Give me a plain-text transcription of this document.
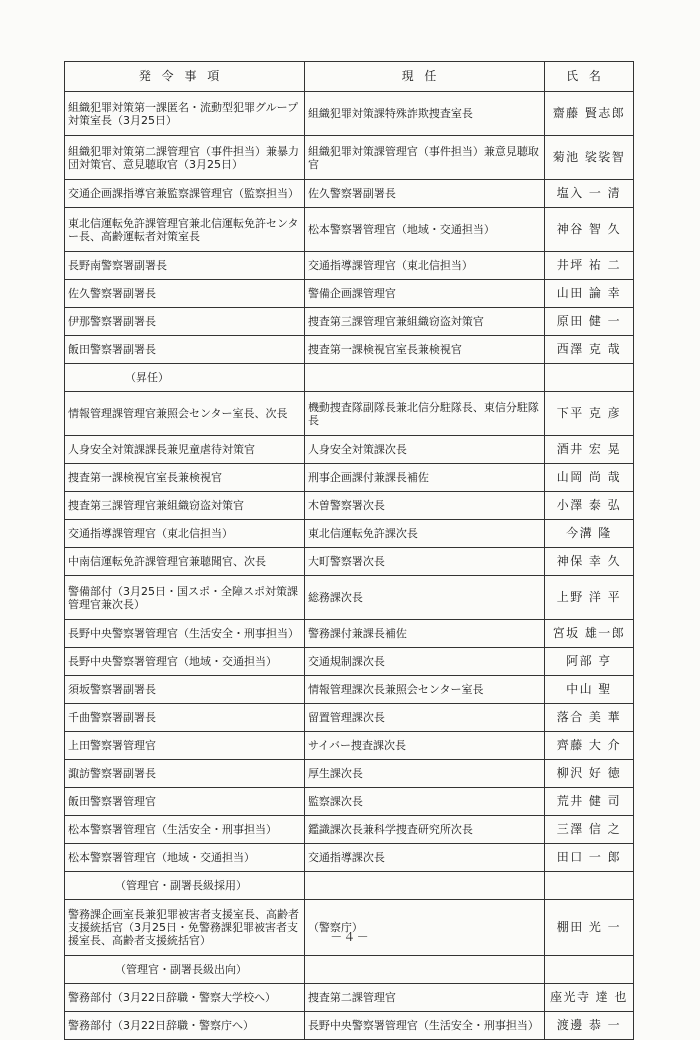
発令事項	現任	氏名
組織犯罪対策第一課匿名・流動型犯罪グループ対策室長（3月25日）	組織犯罪対策課特殊詐欺捜査室長	齋藤 賢志郎
組織犯罪対策第二課管理官（事件担当）兼暴力団対策官、意見聴取官（3月25日）	組織犯罪対策課管理官（事件担当）兼意見聴取官	菊池 裟裟智
交通企画課指導官兼監察課管理官（監察担当）	佐久警察署副署長	塩入 一 清
東北信運転免許課管理官兼北信運転免許センター長、高齢運転者対策室長	松本警察署管理官（地域・交通担当）	神谷 智 久
長野南警察署副署長	交通指導課管理官（東北信担当）	井坪 祐 二
佐久警察署副署長	警備企画課管理官	山田 論 幸
伊那警察署副署長	捜査第三課管理官兼組織窃盗対策官	原田 健 一
飯田警察署副署長	捜査第一課検視官室長兼検視官	西澤 克 哉
（昇任）		
情報管理課管理官兼照会センター室長、次長	機動捜査隊副隊長兼北信分駐隊長、東信分駐隊長	下平 克 彦
人身安全対策課課長兼児童虐待対策官	人身安全対策課次長	酒井 宏 晃
捜査第一課検視官室長兼検視官	刑事企画課付兼課長補佐	山岡 尚 哉
捜査第三課管理官兼組織窃盗対策官	木曽警察署次長	小澤 泰 弘
交通指導課管理官（東北信担当）	東北信運転免許課次長	今溝 隆
中南信運転免許課管理官兼聴聞官、次長	大町警察署次長	神保 幸 久
警備部付（3月25日・国スポ・全障スポ対策課管理官兼次長）	総務課次長	上野 洋 平
長野中央警察署管理官（生活安全・刑事担当）	警務課付兼課長補佐	宮坂 雄一郎
長野中央警察署管理官（地域・交通担当）	交通規制課次長	阿部 亨
須坂警察署副署長	情報管理課次長兼照会センター室長	中山 聖
千曲警察署副署長	留置管理課次長	落合 美 華
上田警察署管理官	サイバー捜査課次長	齊藤 大 介
諏訪警察署副署長	厚生課次長	柳沢 好 徳
飯田警察署管理官	監察課次長	荒井 健 司
松本警察署管理官（生活安全・刑事担当）	鑑識課次長兼科学捜査研究所次長	三澤 信 之
松本警察署管理官（地域・交通担当）	交通指導課次長	田口 一 郎
（管理官・副署長級採用）		
警務課企画室長兼犯罪被害者支援室長、高齢者支援統括官（3月25日・免警務課犯罪被害者支援室長、高齢者支援統括官）	（警察庁）	棚田 光 一
（管理官・副署長級出向）		
警務部付（3月22日辞職・警察大学校へ）	捜査第二課管理官	座光寺 達 也
警務部付（3月22日辞職・警察庁へ）	長野中央警察署管理官（生活安全・刑事担当）	渡邊 恭 一
－４－
